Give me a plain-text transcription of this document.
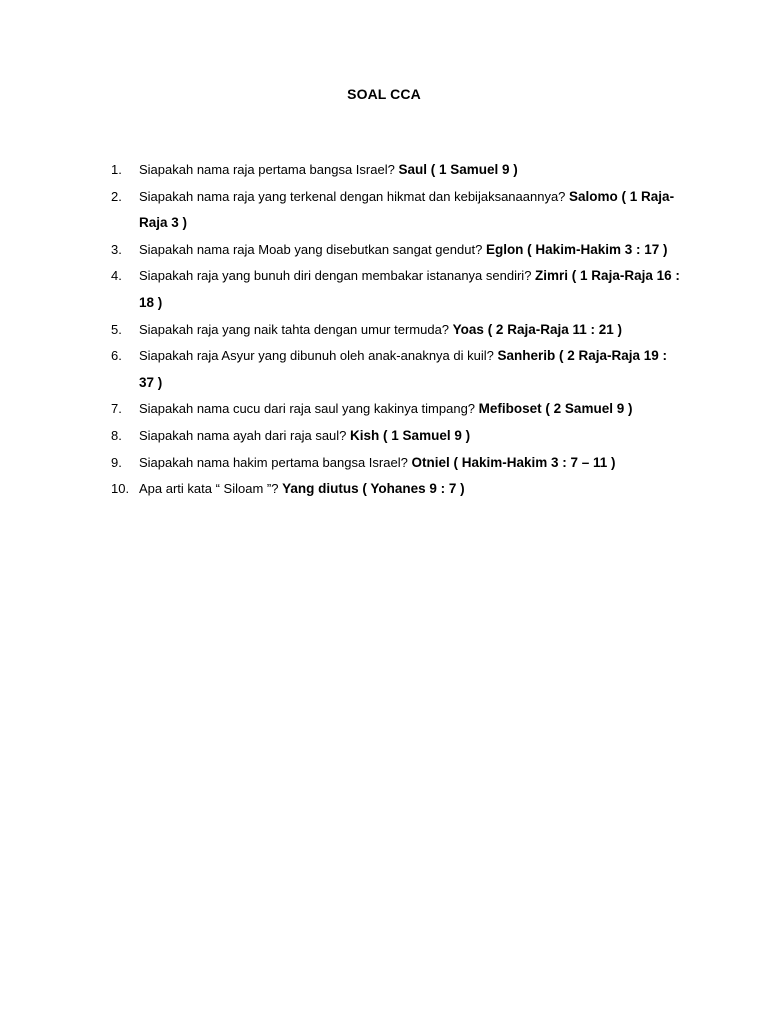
SOAL CCA
1.	Siapakah nama raja pertama bangsa Israel? Saul ( 1 Samuel 9 )
2.	Siapakah nama raja yang terkenal dengan hikmat dan kebijaksanaannya? Salomo ( 1 Raja-Raja 3 )
3.	Siapakah nama raja Moab yang disebutkan sangat gendut? Eglon ( Hakim-Hakim 3 : 17 )
4.	Siapakah raja yang bunuh diri dengan membakar istananya sendiri? Zimri ( 1 Raja-Raja 16 : 18 )
5.	Siapakah raja yang naik tahta dengan umur termuda? Yoas ( 2 Raja-Raja 11 : 21 )
6.	Siapakah raja Asyur yang dibunuh oleh anak-anaknya di kuil? Sanherib ( 2 Raja-Raja 19 : 37 )
7.	Siapakah nama cucu dari raja saul yang kakinya timpang? Mefiboset ( 2 Samuel 9 )
8.	Siapakah nama ayah dari raja saul? Kish ( 1 Samuel 9 )
9.	Siapakah nama hakim pertama bangsa Israel? Otniel ( Hakim-Hakim 3 : 7 – 11 )
10. Apa arti kata “ Siloam ”? Yang diutus ( Yohanes 9 : 7 )
